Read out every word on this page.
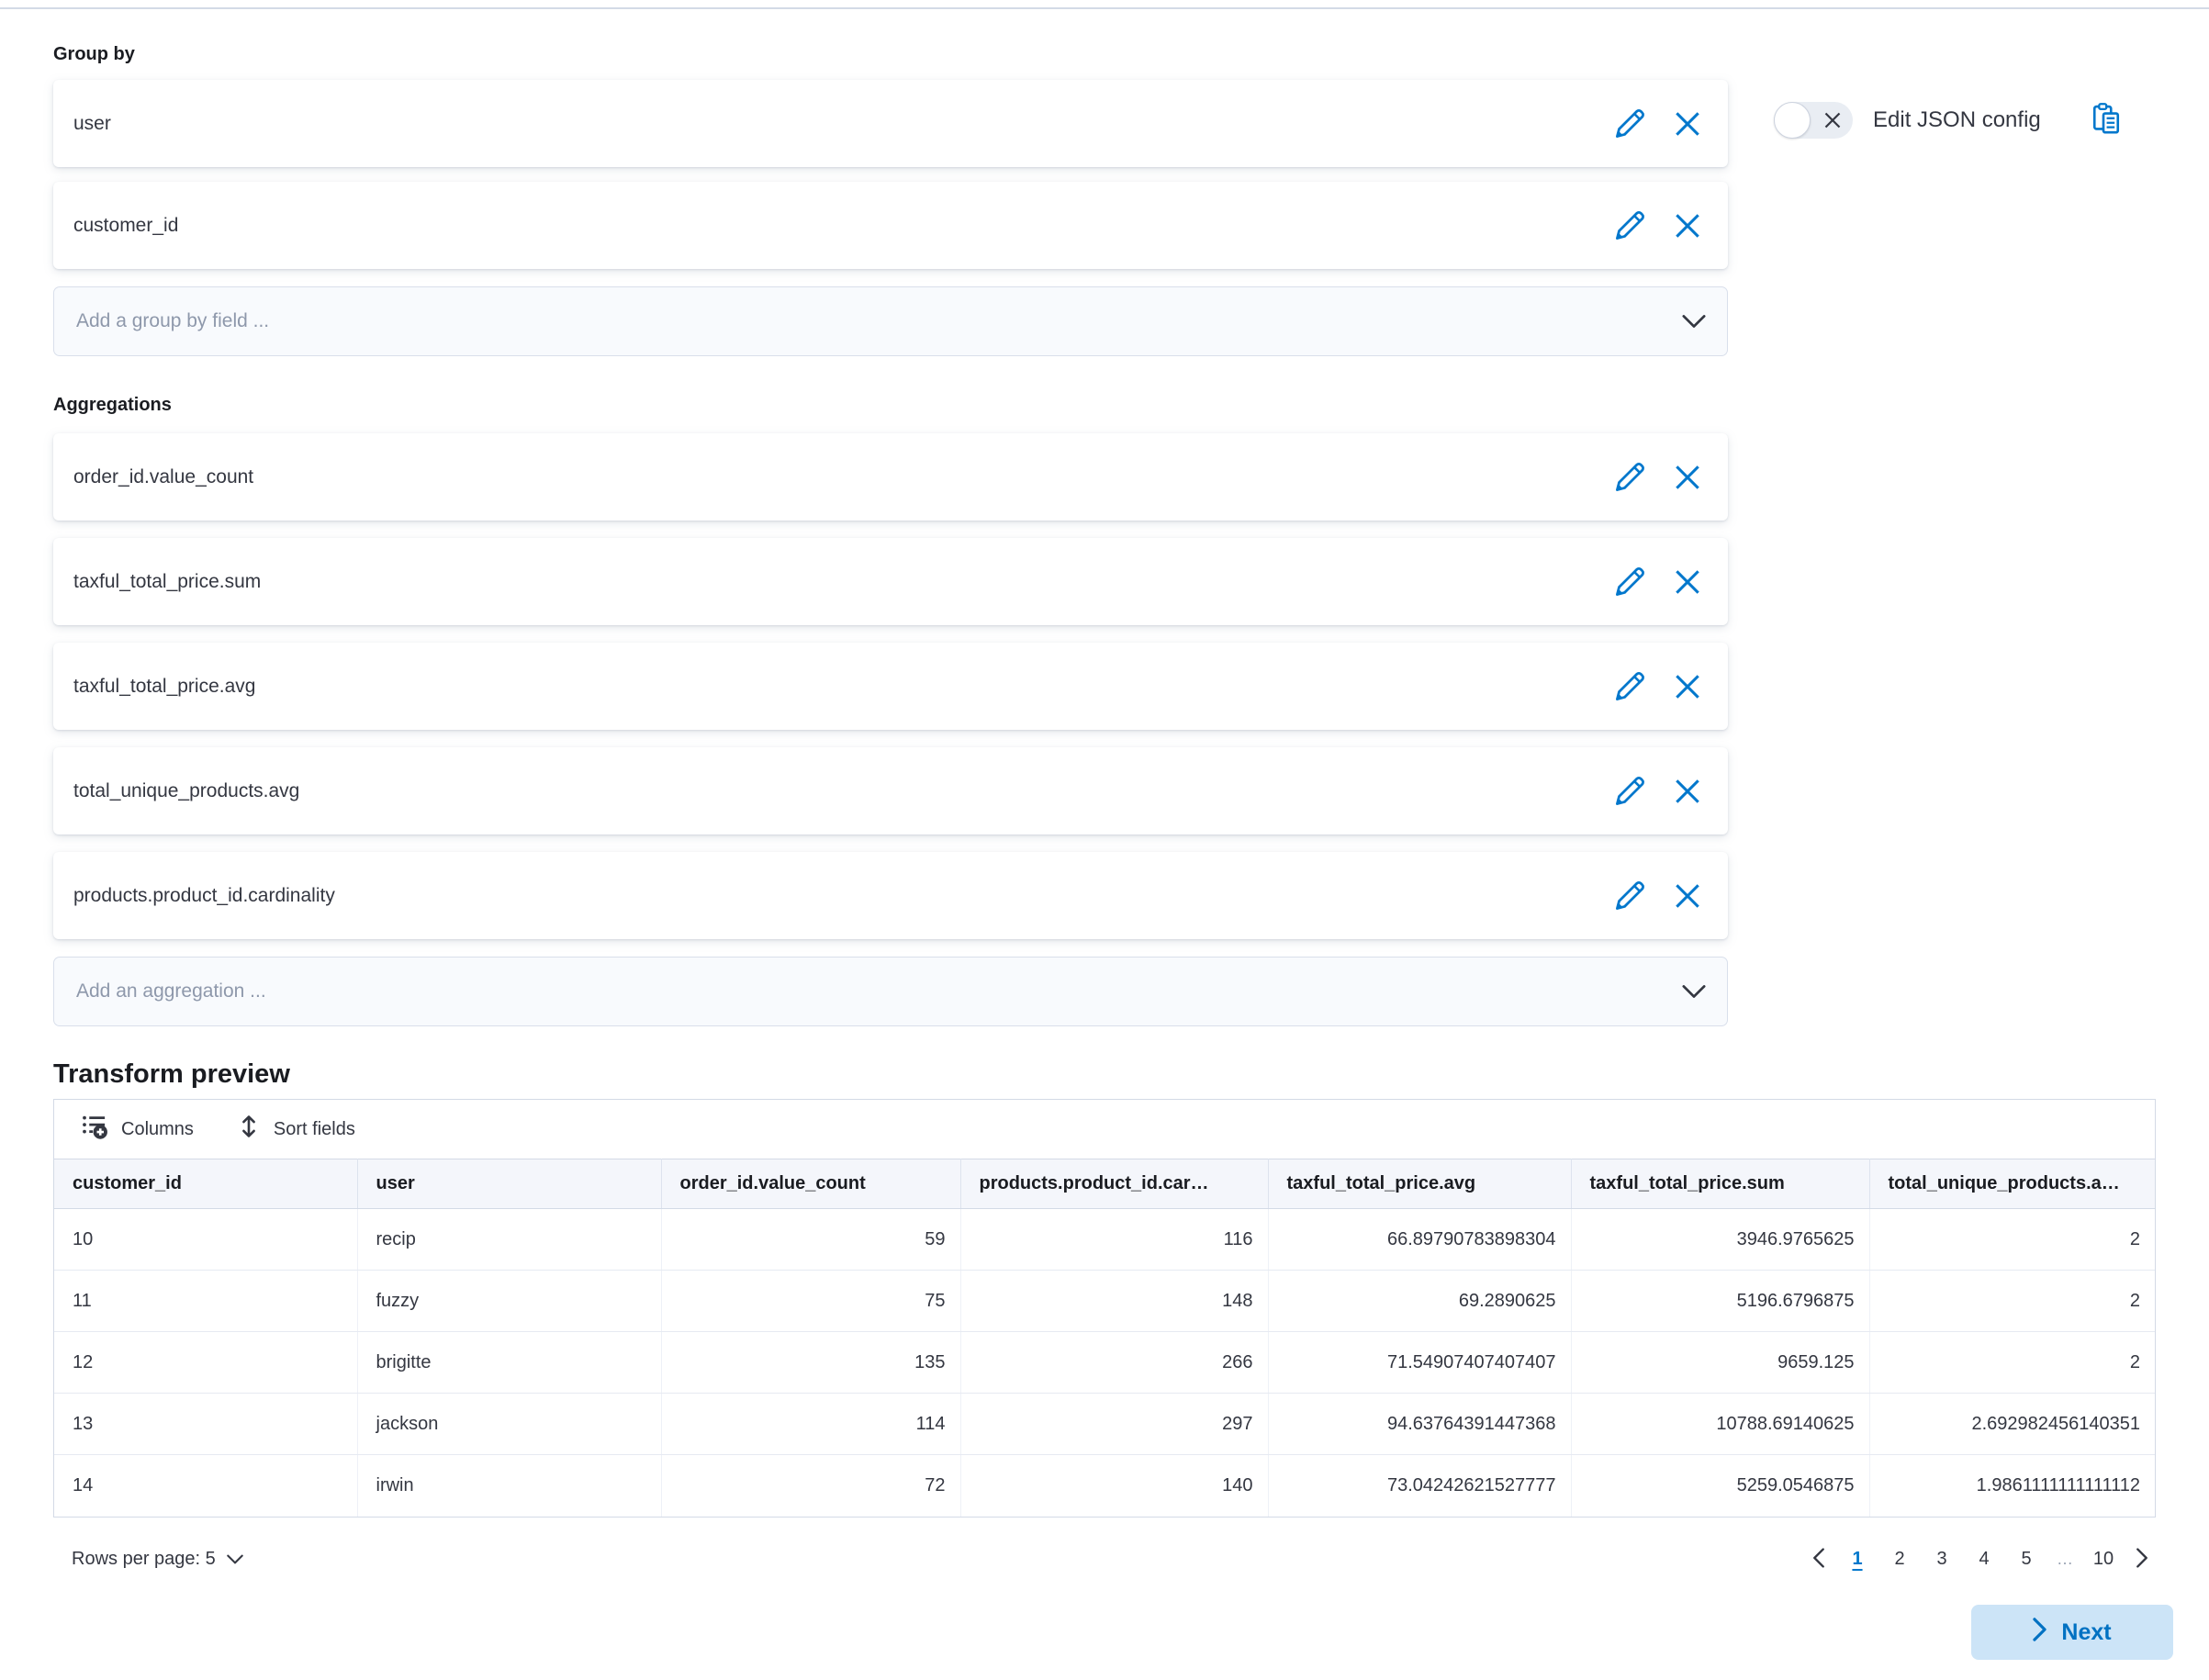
Edit JSON config
Group by
user
customer_id
Add a group by field ...
Aggregations
order_id.value_count
taxful_total_price.sum
taxful_total_price.avg
total_unique_products.avg
products.product_id.cardinality
Add an aggregation ...
Transform preview
Columns	Sort fields
customer_id	user	order_id.value_count	products.product_id.car…	taxful_total_price.avg	taxful_total_price.sum	total_unique_products.a…
10	recip	59	116	66.89790783898304	3946.9765625	2
11	fuzzy	75	148	69.2890625	5196.6796875	2
12	brigitte	135	266	71.54907407407407	9659.125	2
13	jackson	114	297	94.63764391447368	10788.69140625	2.692982456140351
14	irwin	72	140	73.04242621527777	5259.0546875	1.9861111111111112
Rows per page: 5	1	2	3	4	5	…	10
Next
